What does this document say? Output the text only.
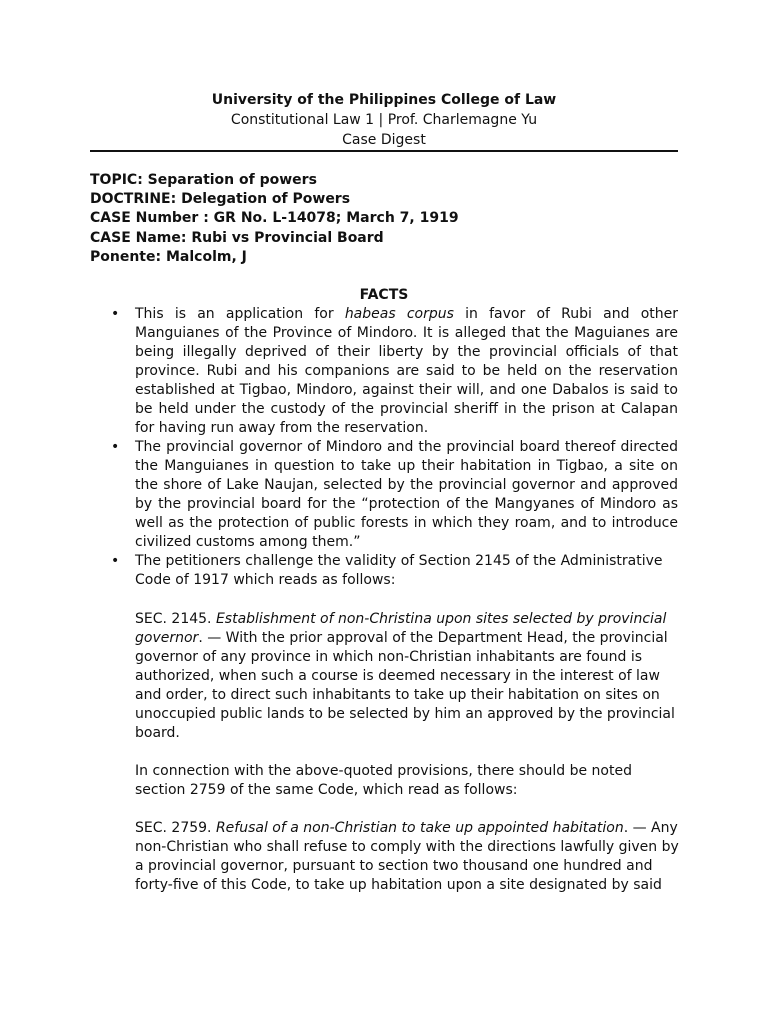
University of the Philippines College of Law
Constitutional Law 1 | Prof. Charlemagne Yu
Case Digest
TOPIC: Separation of powers
DOCTRINE: Delegation of Powers
CASE Number : GR No. L-14078; March 7, 1919
CASE Name: Rubi vs Provincial Board
Ponente: Malcolm, J
FACTS
• This is an application for habeas corpus in favor of Rubi and other Manguianes of the Province of Mindoro. It is alleged that the Maguianes are being illegally deprived of their liberty by the provincial officials of that province. Rubi and his companions are said to be held on the reservation established at Tigbao, Mindoro, against their will, and one Dabalos is said to be held under the custody of the provincial sheriff in the prison at Calapan for having run away from the reservation.
• The provincial governor of Mindoro and the provincial board thereof directed the Manguianes in question to take up their habitation in Tigbao, a site on the shore of Lake Naujan, selected by the provincial governor and approved by the provincial board for the “protection of the Mangyanes of Mindoro as well as the protection of public forests in which they roam, and to introduce civilized customs among them.”
• The petitioners challenge the validity of Section 2145 of the Administrative Code of 1917 which reads as follows:
SEC. 2145. Establishment of non-Christina upon sites selected by provincial governor. — With the prior approval of the Department Head, the provincial governor of any province in which non-Christian inhabitants are found is authorized, when such a course is deemed necessary in the interest of law and order, to direct such inhabitants to take up their habitation on sites on unoccupied public lands to be selected by him an approved by the provincial board.
In connection with the above-quoted provisions, there should be noted section 2759 of the same Code, which read as follows:
SEC. 2759. Refusal of a non-Christian to take up appointed habitation. — Any non-Christian who shall refuse to comply with the directions lawfully given by a provincial governor, pursuant to section two thousand one hundred and forty-five of this Code, to take up habitation upon a site designated by said
